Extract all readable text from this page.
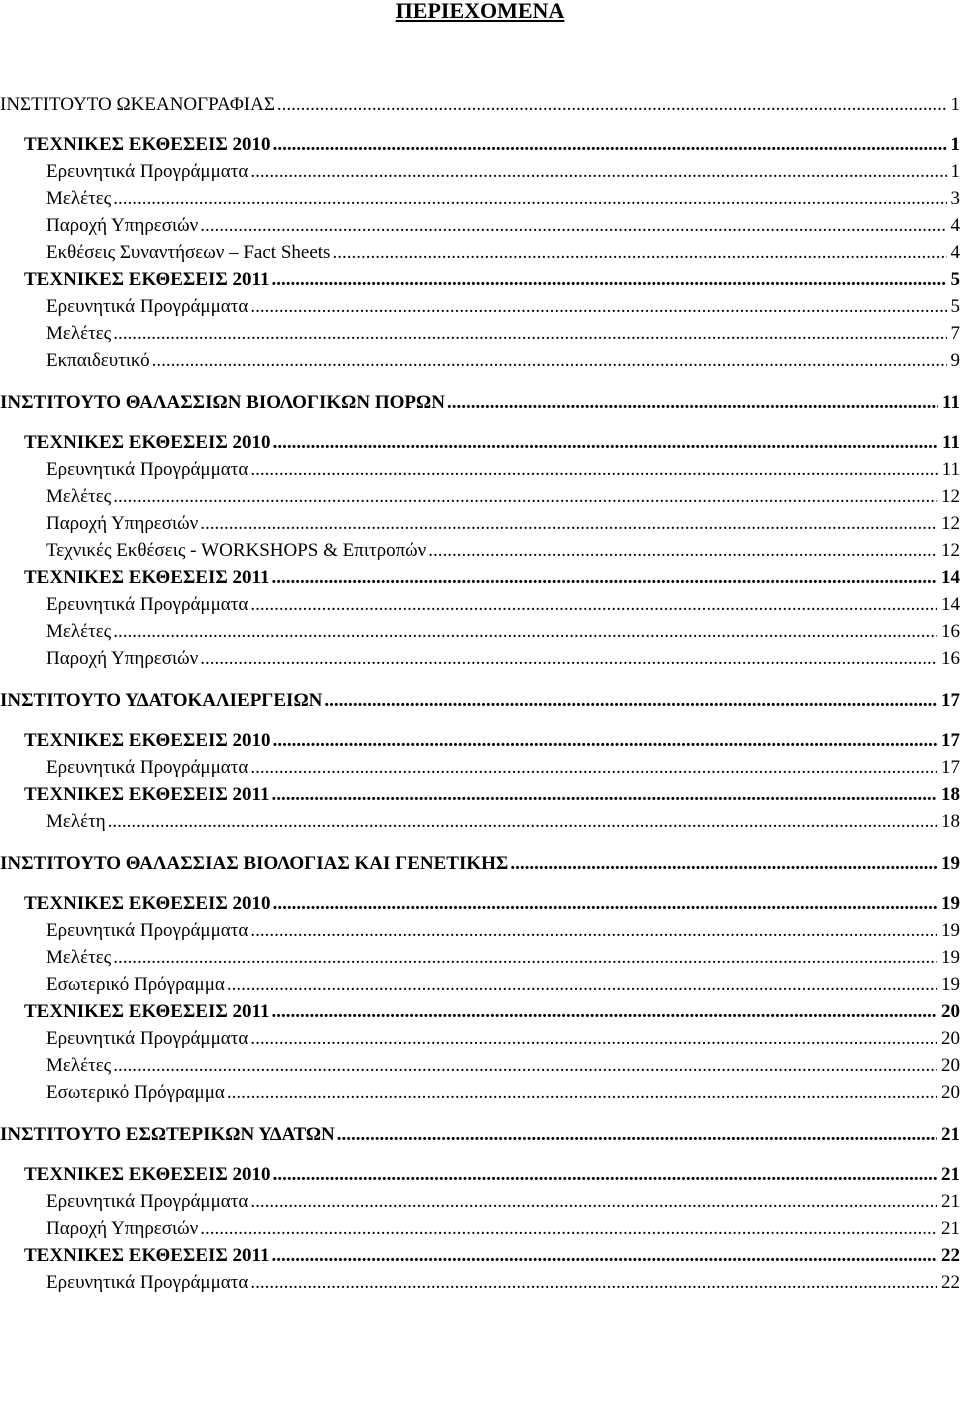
ΠΕΡΙΕΧΟΜΕΝΑ
ΙΝΣΤΙΤΟΥΤΟ ΩΚΕΑΝΟΓΡΑΦΙΑΣ .....	1
ΤΕΧΝΙΚΕΣ ΕΚΘΕΣΕΙΣ 2010 .....	1
Ερευνητικά Προγράμματα .....	1
Μελέτες .....	3
Παροχή Υπηρεσιών .....	4
Εκθέσεις Συναντήσεων – Fact Sheets .....	4
ΤΕΧΝΙΚΕΣ ΕΚΘΕΣΕΙΣ 2011 .....	5
Ερευνητικά Προγράμματα .....	5
Μελέτες .....	7
Εκπαιδευτικό .....	9
ΙΝΣΤΙΤΟΥΤΟ ΘΑΛΑΣΣΙΩΝ ΒΙΟΛΟΓΙΚΩΝ ΠΟΡΩΝ .....	11
ΤΕΧΝΙΚΕΣ ΕΚΘΕΣΕΙΣ 2010 .....	11
Ερευνητικά Προγράμματα .....	11
Μελέτες .....	12
Παροχή Υπηρεσιών .....	12
Τεχνικές Εκθέσεις - WORKSHOPS & Επιτροπών .....	12
ΤΕΧΝΙΚΕΣ ΕΚΘΕΣΕΙΣ 2011 .....	14
Ερευνητικά Προγράμματα .....	14
Μελέτες .....	16
Παροχή Υπηρεσιών .....	16
ΙΝΣΤΙΤΟΥΤΟ ΥΔΑΤΟΚΑΛΙΕΡΓΕΙΩΝ .....	17
ΤΕΧΝΙΚΕΣ ΕΚΘΕΣΕΙΣ 2010 .....	17
Ερευνητικά Προγράμματα .....	17
ΤΕΧΝΙΚΕΣ ΕΚΘΕΣΕΙΣ 2011 .....	18
Μελέτη .....	18
ΙΝΣΤΙΤΟΥΤΟ ΘΑΛΑΣΣΙΑΣ ΒΙΟΛΟΓΙΑΣ ΚΑΙ ΓΕΝΕΤΙΚΗΣ .....	19
ΤΕΧΝΙΚΕΣ ΕΚΘΕΣΕΙΣ 2010 .....	19
Ερευνητικά Προγράμματα .....	19
Μελέτες .....	19
Εσωτερικό Πρόγραμμα .....	19
ΤΕΧΝΙΚΕΣ ΕΚΘΕΣΕΙΣ 2011 .....	20
Ερευνητικά Προγράμματα .....	20
Μελέτες .....	20
Εσωτερικό Πρόγραμμα .....	20
ΙΝΣΤΙΤΟΥΤΟ ΕΣΩΤΕΡΙΚΩΝ ΥΔΑΤΩΝ .....	21
ΤΕΧΝΙΚΕΣ ΕΚΘΕΣΕΙΣ 2010 .....	21
Ερευνητικά Προγράμματα .....	21
Παροχή Υπηρεσιών .....	21
ΤΕΧΝΙΚΕΣ ΕΚΘΕΣΕΙΣ 2011 .....	22
Ερευνητικά Προγράμματα .....	22
